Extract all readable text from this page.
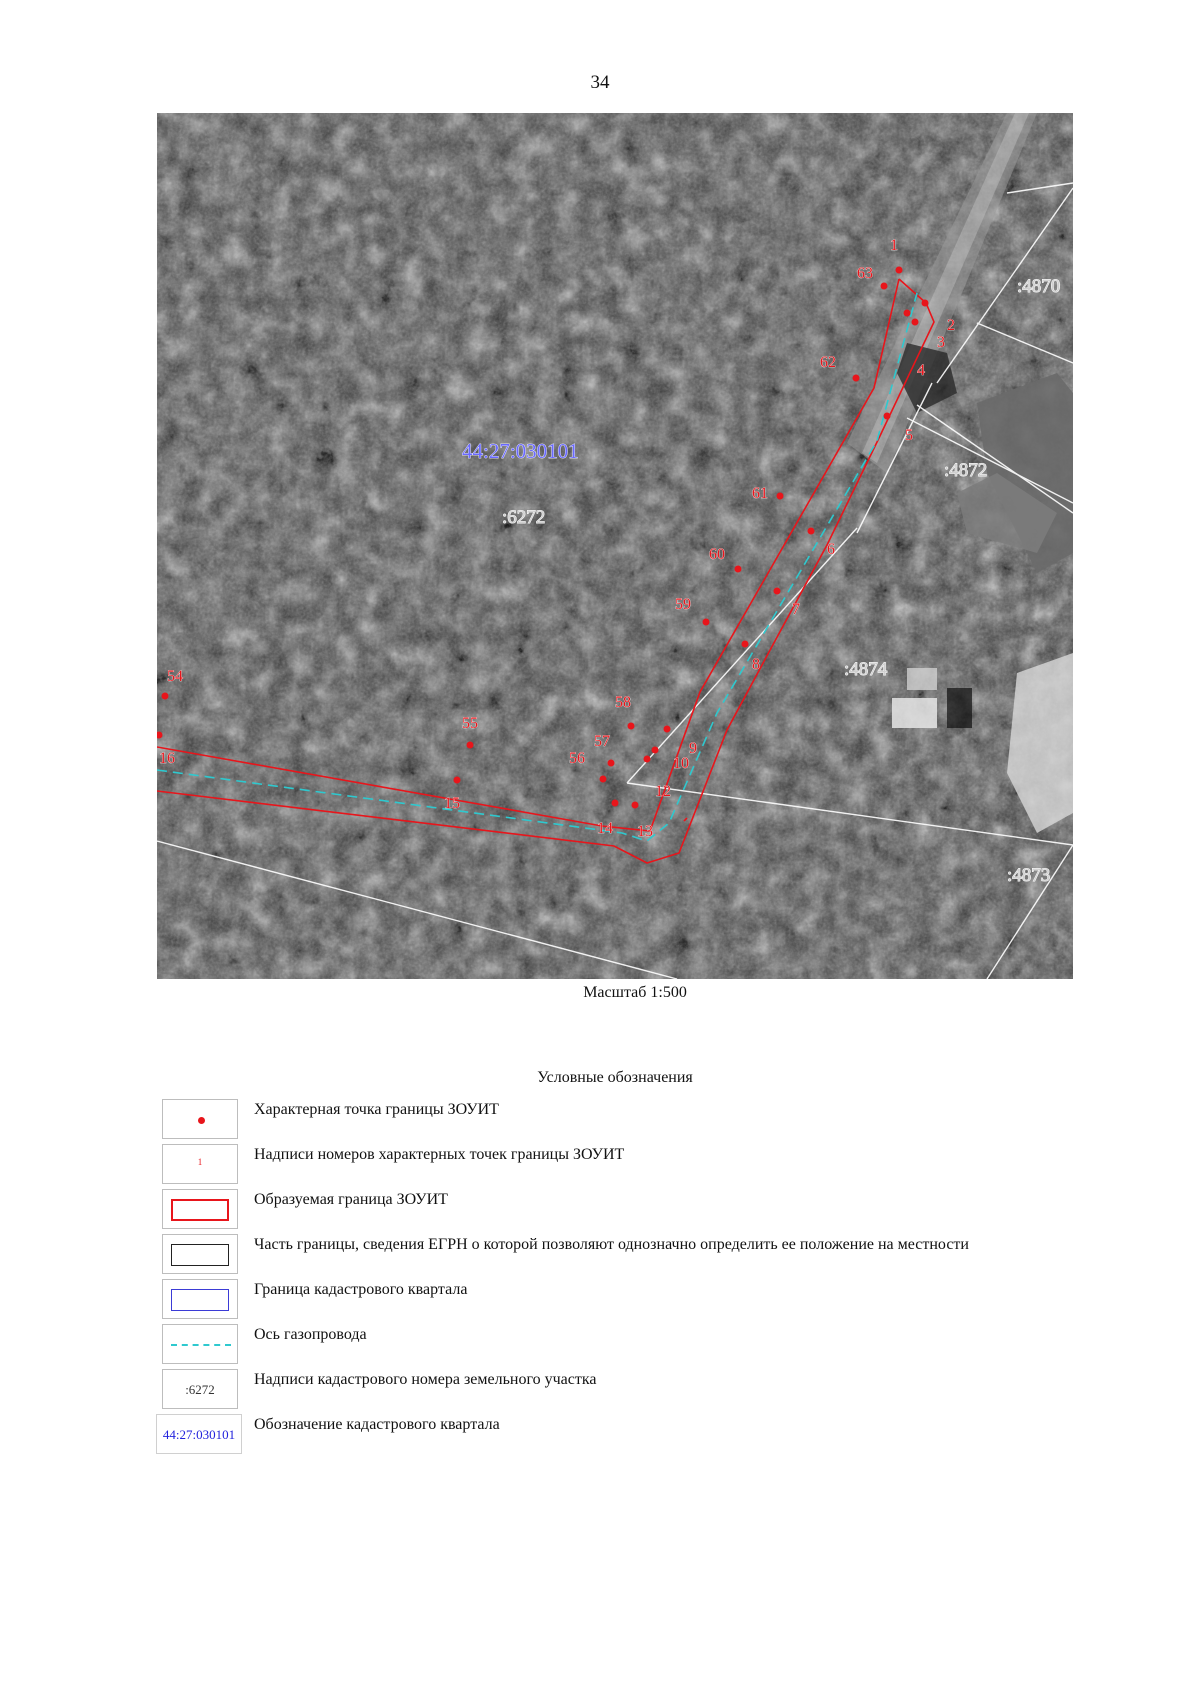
34
1
2
3
4
5
6
7
8
9
10
12
13
14
15
16
54
55
56
57
58
59
60
61
62
63
:6272
:4870
:4872
:4874
:4873
44:27:030101
Масштаб 1:500
Условные обозначения
Характерная точка границы ЗОУИТ
1	Надписи номеров характерных точек границы ЗОУИТ
Образуемая граница ЗОУИТ
Часть границы, сведения ЕГРН о которой позволяют однозначно определить ее положение на местности
Граница кадастрового квартала
Ось газопровода
:6272
Надписи кадастрового номера земельного участка
44:27:030101
Обозначение кадастрового квартала
